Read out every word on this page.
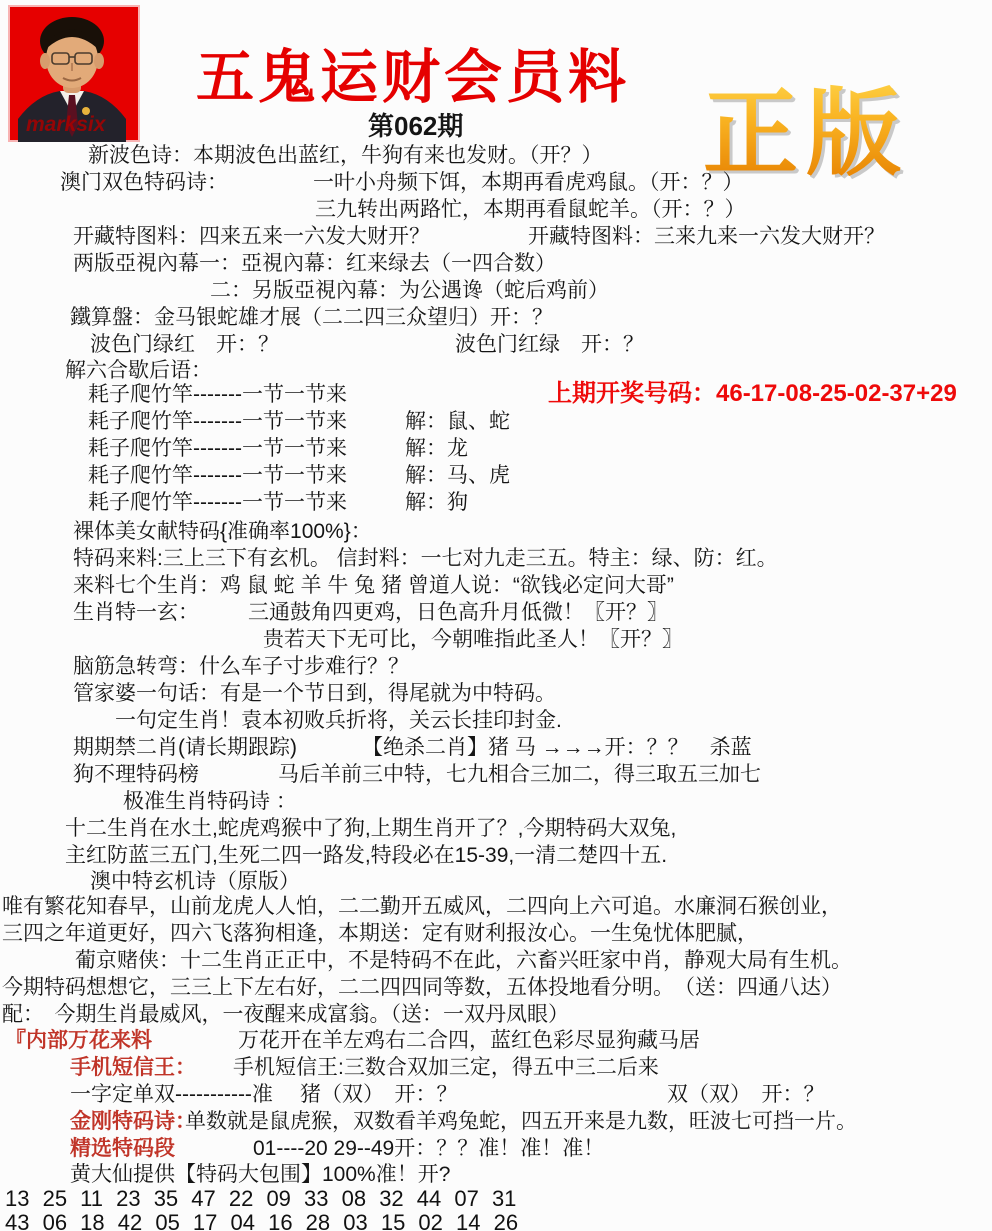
marksix
五鬼运财会员料
第062期	正版
新波色诗：本期波色出蓝红，牛狗有来也发财。（开？）
澳门双色特码诗：	一叶小舟频下饵，本期再看虎鸡鼠。（开：？）
三九转出两路忙，本期再看鼠蛇羊。（开：？）
开藏特图料：四来五来一六发大财开？	开藏特图料：三来九来一六发大财开？
两版亞視內幕一：亞視內幕：红来绿去（一四合数）
二：另版亞視內幕：为公遇谗（蛇后鸡前）
鐵算盤：金马银蛇雄才展（二二四三众望归）开：？
波色门绿红　开：？	波色门红绿　开：？
解六合歇后语：
耗子爬竹竿-------一节一节来
耗子爬竹竿-------一节一节来	解：鼠、蛇
上期开奖号码：46-17-08-25-02-37+29
耗子爬竹竿-------一节一节来	解：龙
耗子爬竹竿-------一节一节来	解：马、虎
耗子爬竹竿-------一节一节来	解：狗
裸体美女献特码{准确率100%}：
特码来料:三上三下有玄机。 信封料：一七对九走三五。特主：绿、防：红。
来料七个生肖：鸡 鼠 蛇 羊 牛 兔 猪 曾道人说：“欲钱必定问大哥”
生肖特一玄： 三通鼓角四更鸡，日色高升月低微！〖开？〗
贵若天下无可比，今朝唯指此圣人！〖开？〗
脑筋急转弯：什么车子寸步难行？？
管家婆一句话：有是一个节日到，得尾就为中特码。
一句定生肖！袁本初败兵折将，关云长挂印封金.
期期禁二肖(请长期跟踪)	【绝杀二肖】猪 马 →→→开：？？　杀蓝
狗不理特码榜	马后羊前三中特，七九相合三加二，得三取五三加七
极准生肖特码诗 ：
十二生肖在水土,蛇虎鸡猴中了狗,上期生肖开了？,今期特码大双兔,
主红防蓝三五门,生死二四一路发,特段必在15-39,一清二楚四十五.
澳中特玄机诗（原版）
唯有繁花知春早，山前龙虎人人怕，二二勤开五威风，二四向上六可追。水廉洞石猴创业，
三四之年道更好，四六飞落狗相逢，本期送：定有财利报汝心。一生兔忧体肥腻，
葡京赌侠：十二生肖正正中，不是特码不在此，六畜兴旺家中肖，静观大局有生机。
今期特码想想它，三三上下左右好，二二四四同等数，五体投地看分明。　（送：四通八达）
配：　今期生肖最威风，一夜醒来成富翁。（送：一双丹凤眼）
『内部万花来料	万花开在羊左鸡右二合四，蓝红色彩尽显狗藏马居
手机短信王： 手机短信王:三数合双加三定，得五中三二后来
一字定单双-----------准 猪（双）　开：？	双（双）　开：？
金刚特码诗：
单数就是鼠虎猴，双数看羊鸡兔蛇，四五开来是九数，旺波七可挡一片。
精选特码段	01----20 29--49开：？？准！准！准！
黄大仙提供【特码大包围】100%准！开?
13 25 11 23 35 47 22 09 33 08 32 44 07 31
43 06 18 42 05 17 04 16 28 03 15 02 14 26
